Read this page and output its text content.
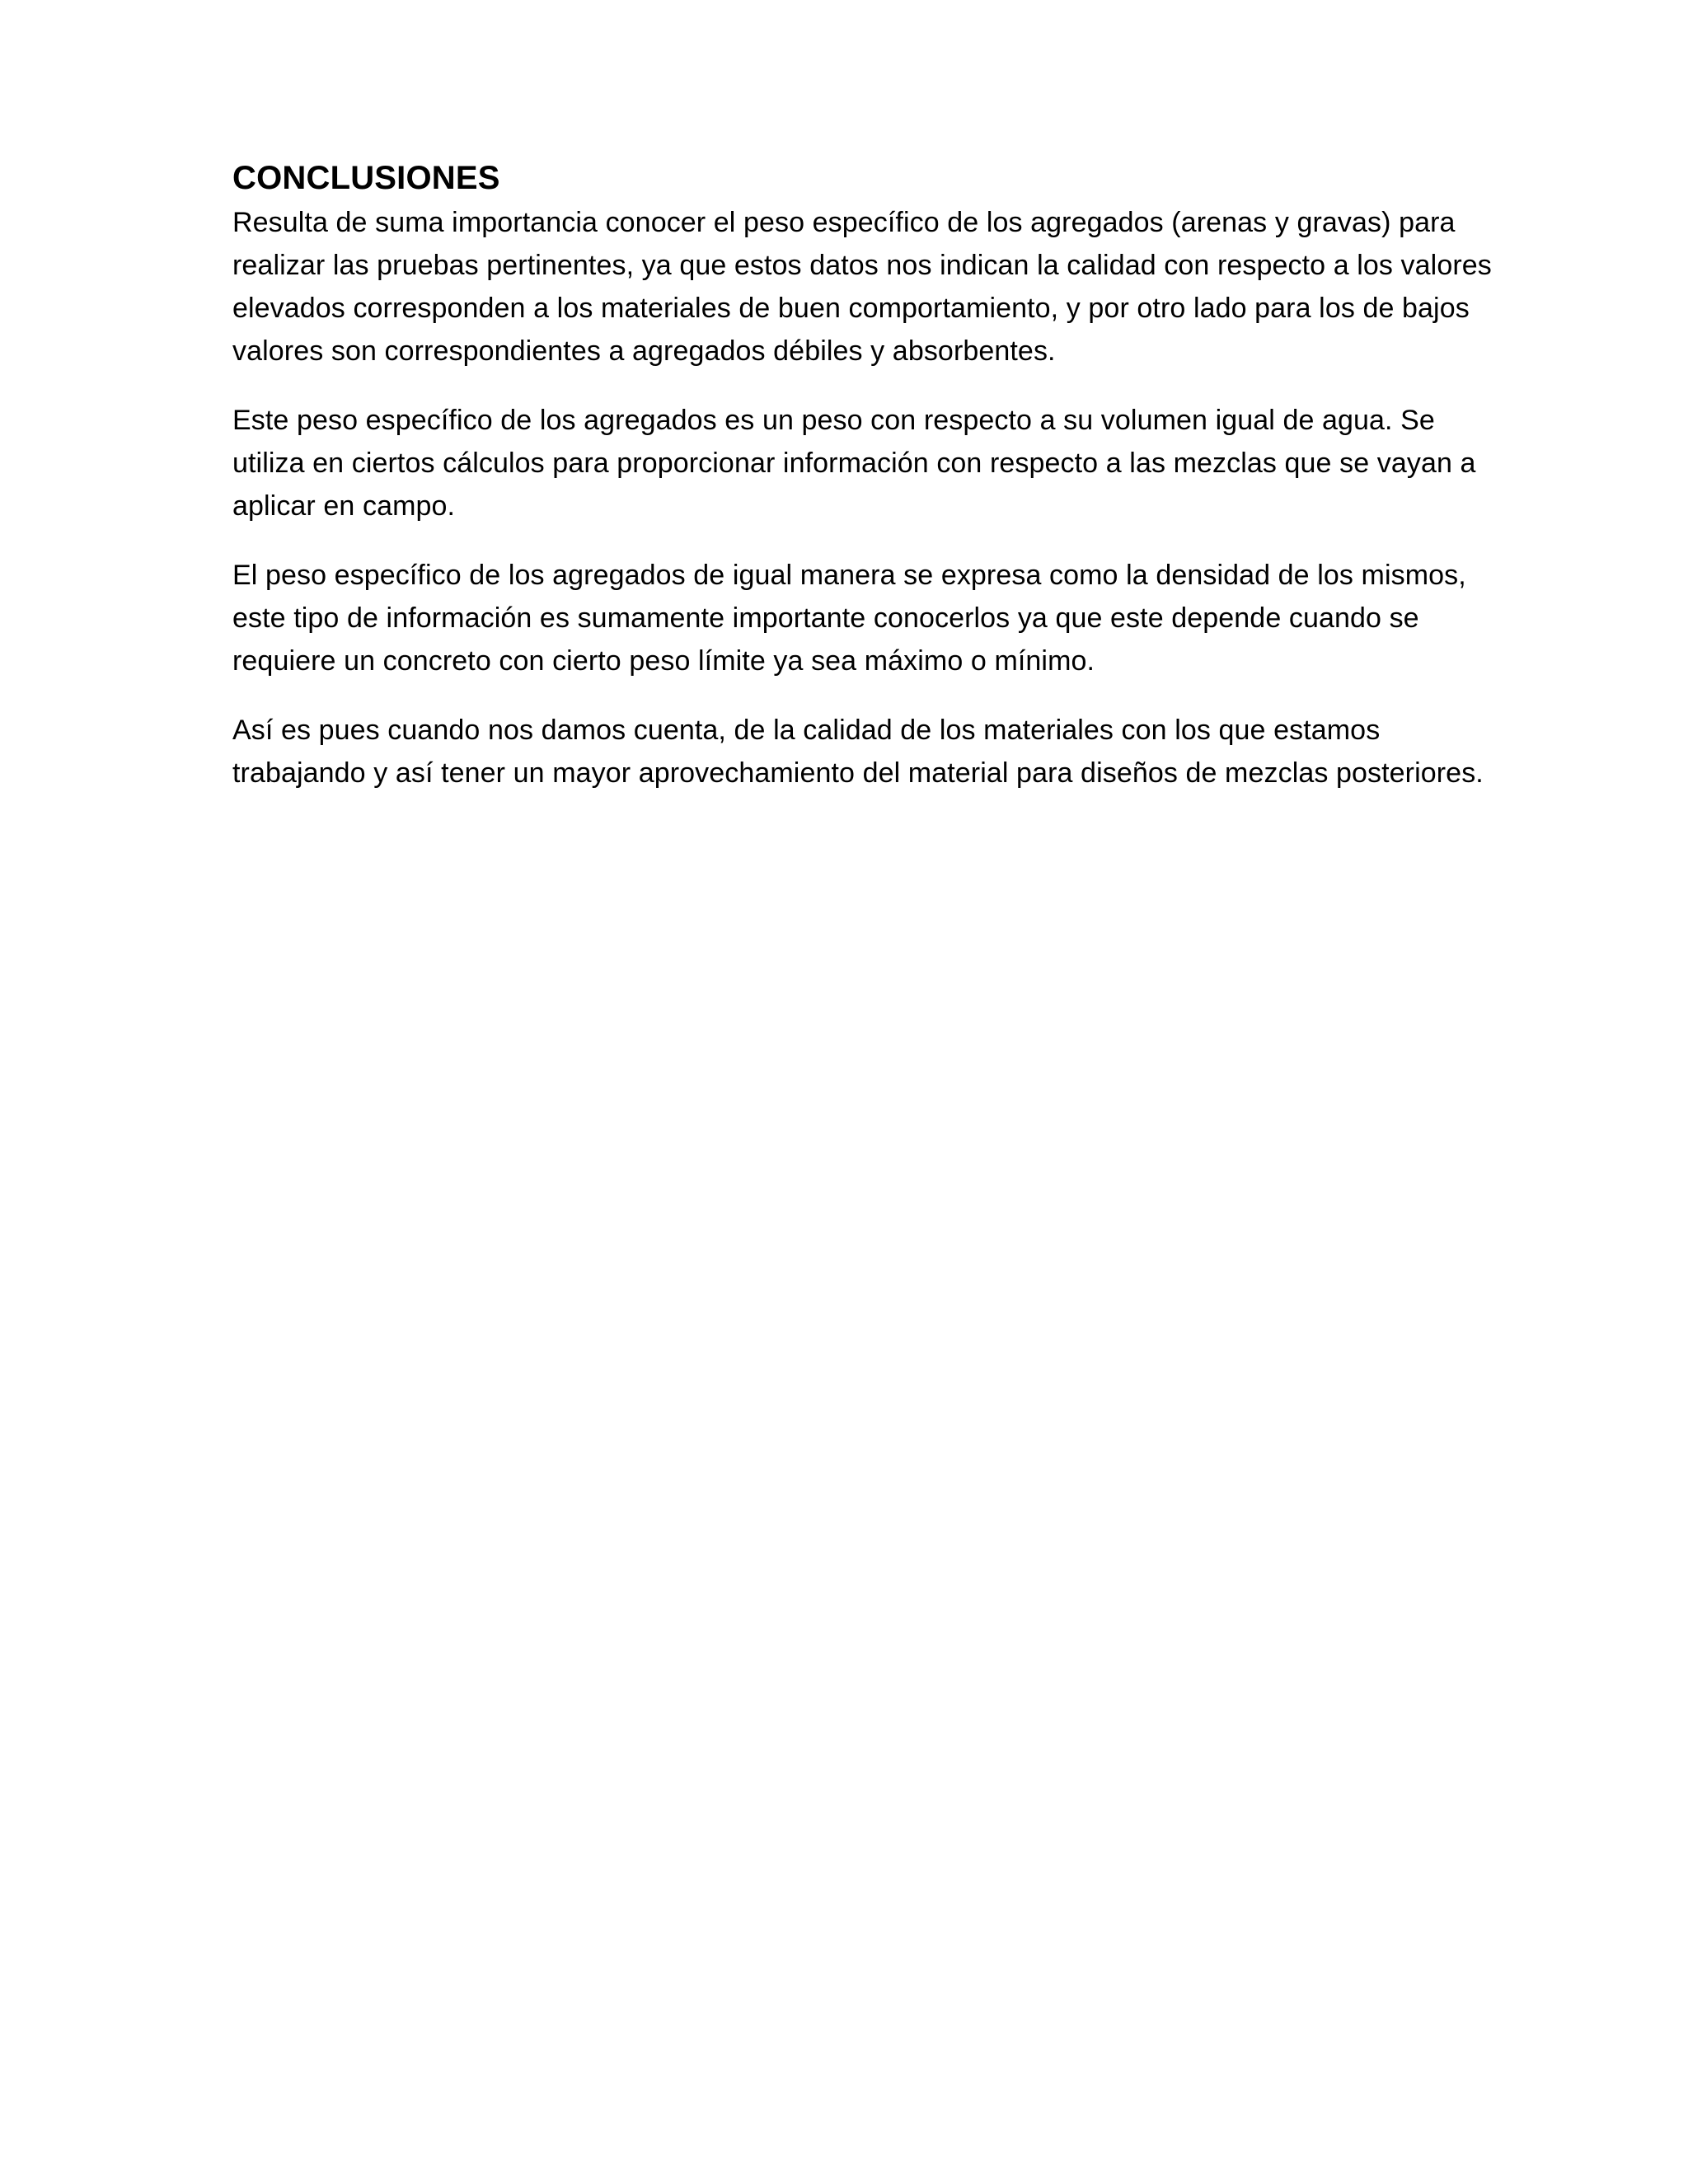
CONCLUSIONES

Resulta de suma importancia conocer el peso específico de los agregados (arenas y gravas) para realizar las pruebas pertinentes, ya que estos datos nos indican la calidad con respecto a los valores elevados corresponden a los materiales de buen comportamiento, y por otro lado para los de bajos valores son correspondientes a agregados débiles y absorbentes.

Este peso específico de los agregados es un peso con respecto a su volumen igual de agua. Se utiliza en ciertos cálculos para proporcionar información con respecto a las mezclas que se vayan a aplicar en campo.

El peso específico de los agregados de igual manera se expresa como la densidad de los mismos, este tipo de información es sumamente importante conocerlos ya que este depende cuando se requiere un concreto con cierto peso límite ya sea máximo o mínimo.

Así es pues cuando nos damos cuenta, de la calidad de los materiales con los que estamos trabajando y así tener un mayor aprovechamiento del material para diseños de mezclas posteriores.
